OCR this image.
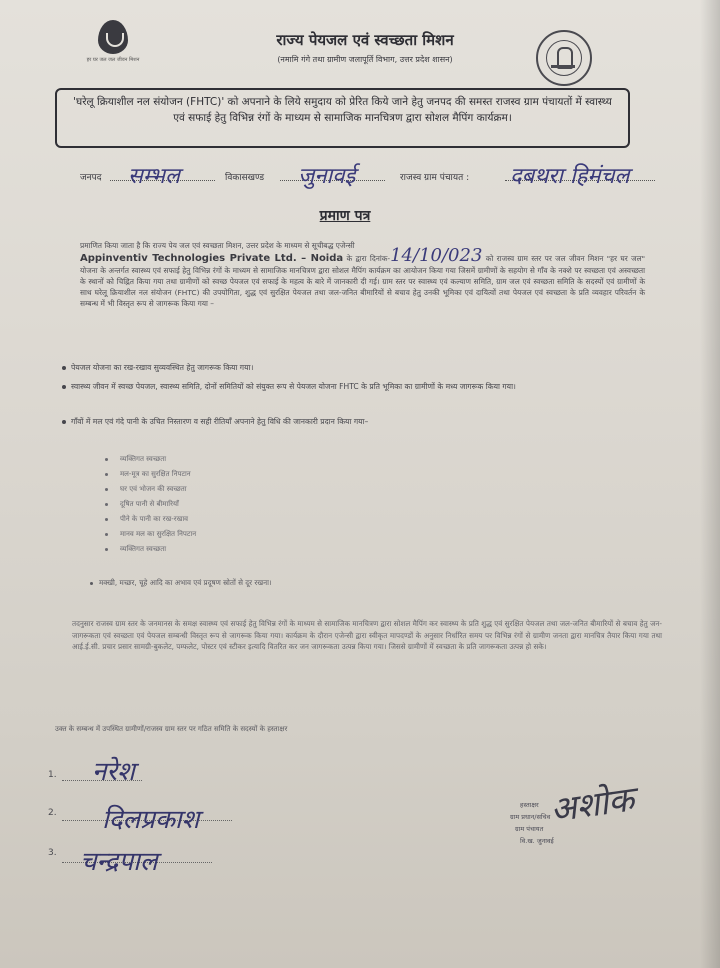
हर घर जल जल जीवन मिशन
राज्य पेयजल एवं स्वच्छता मिशन
(नमामि गंगे तथा ग्रामीण जलापूर्ति विभाग, उत्तर प्रदेश शासन)
'घरेलू क्रियाशील नल संयोजन (FHTC)' को अपनाने के लिये समुदाय को प्रेरित किये जाने हेतु जनपद की समस्त राजस्व ग्राम पंचायतों में स्वास्थ्य एवं सफाई हेतु विभिन्न रंगों के माध्यम से सामाजिक मानचित्रण द्वारा सोशल मैपिंग कार्यक्रम।
जनपद सम्भल	विकासखण्ड जुनावई	राजस्व ग्राम पंचायत : दबथरा हिमंचल
प्रमाण पत्र
प्रमाणित किया जाता है कि राज्य पेय जल एवं स्वच्छता मिशन, उत्तर प्रदेश के माध्यम से सूचीबद्ध एजेन्सी
Appinventiv Technologies Private Ltd. – Noida के द्वारा दिनांक-14/10/023 को राजस्व ग्राम स्तर पर जल जीवन मिशन "हर घर जल" योजना के अन्तर्गत स्वास्थ्य एवं सफाई हेतु विभिन्न रंगों के माध्यम से सामाजिक मानचित्रण द्वारा सोशल मैपिंग कार्यक्रम का आयोजन किया गया जिसमें ग्रामीणों के सहयोग से गाँव के नक्शे पर स्वच्छता एवं अस्वच्छता के स्थानों को चिह्नित किया गया तथा ग्रामीणों को स्वच्छ पेयजल एवं सफाई के महत्व के बारे में जानकारी दी गई। ग्राम स्तर पर स्वास्थ्य एवं कल्याण समिति, ग्राम जल एवं स्वच्छता समिति के सदस्यों एवं ग्रामीणों के साथ घरेलू क्रियाशील नल संयोजन (FHTC) की उपयोगिता, शुद्ध एवं सुरक्षित पेयजल तथा जल-जनित बीमारियों से बचाव हेतु उनकी भूमिका एवं दायित्वों तथा पेयजल एवं स्वच्छता के प्रति व्यवहार परिवर्तन के सम्बन्ध में भी विस्तृत रूप से जागरूक किया गया –
पेयजल योजना का रख-रखाव सुव्यवस्थित हेतु जागरूक किया गया।
स्वास्थ्य जीवन में स्वच्छ पेयजल, स्वास्थ्य समिति, दोनों समितियों को संयुक्त रूप से पेयजल योजना FHTC के प्रति भूमिका का ग्रामीणों के मध्य जागरूक किया गया।
गाँवों में मल एवं गंदे पानी के उचित निस्तारण व सही रीतियाँ अपनाने हेतु विधि की जानकारी प्रदान किया गया–
व्यक्तिगत स्वच्छता
मल-मूत्र का सुरक्षित निपटान
घर एवं भोजन की स्वच्छता
दूषित पानी से बीमारियाँ
पीने के पानी का रख-रखाव
मानव मल का सुरक्षित निपटान
व्यक्तिगत स्वच्छता
मक्खी, मच्छर, चूहे आदि का अभाव एवं प्रदूषण स्रोतों से दूर रखना।
तदनुसार राजस्व ग्राम स्तर के जनमानस के समक्ष स्वास्थ्य एवं सफाई हेतु विभिन्न रंगों के माध्यम से सामाजिक मानचित्रण द्वारा सोशल मैपिंग कर स्वास्थ्य के प्रति शुद्ध एवं सुरक्षित पेयजल तथा जल-जनित बीमारियों से बचाव हेतु जन-जागरूकता एवं स्वच्छता एवं पेयजल सम्बन्धी विस्तृत रूप से जागरूक किया गया। कार्यक्रम के दौरान एजेन्सी द्वारा स्वीकृत मापदण्डों के अनुसार निर्धारित समय पर विभिन्न रंगों से ग्रामीण जनता द्वारा मानचित्र तैयार किया गया तथा आई.ई.सी. प्रचार प्रसार सामग्री-बुकलेट, पम्फलेट, पोस्टर एवं स्टीकर इत्यादि वितरित कर जन जागरूकता उत्पन्न किया गया। जिससे ग्रामीणों में स्वच्छता के प्रति जागरूकता उत्पन्न हो सके।
उक्त के सम्बन्ध में उपस्थित ग्रामीणों/राजस्व ग्राम स्तर पर गठित समिति के सदस्यों के हस्ताक्षर
1. नरेश
2. दिलप्रकाश
3. चन्द्रपाल
अशोक
हस्ताक्षर
ग्राम प्रधान/सचिव
ग्राम पंचायत
वि.ख. जुनावई
